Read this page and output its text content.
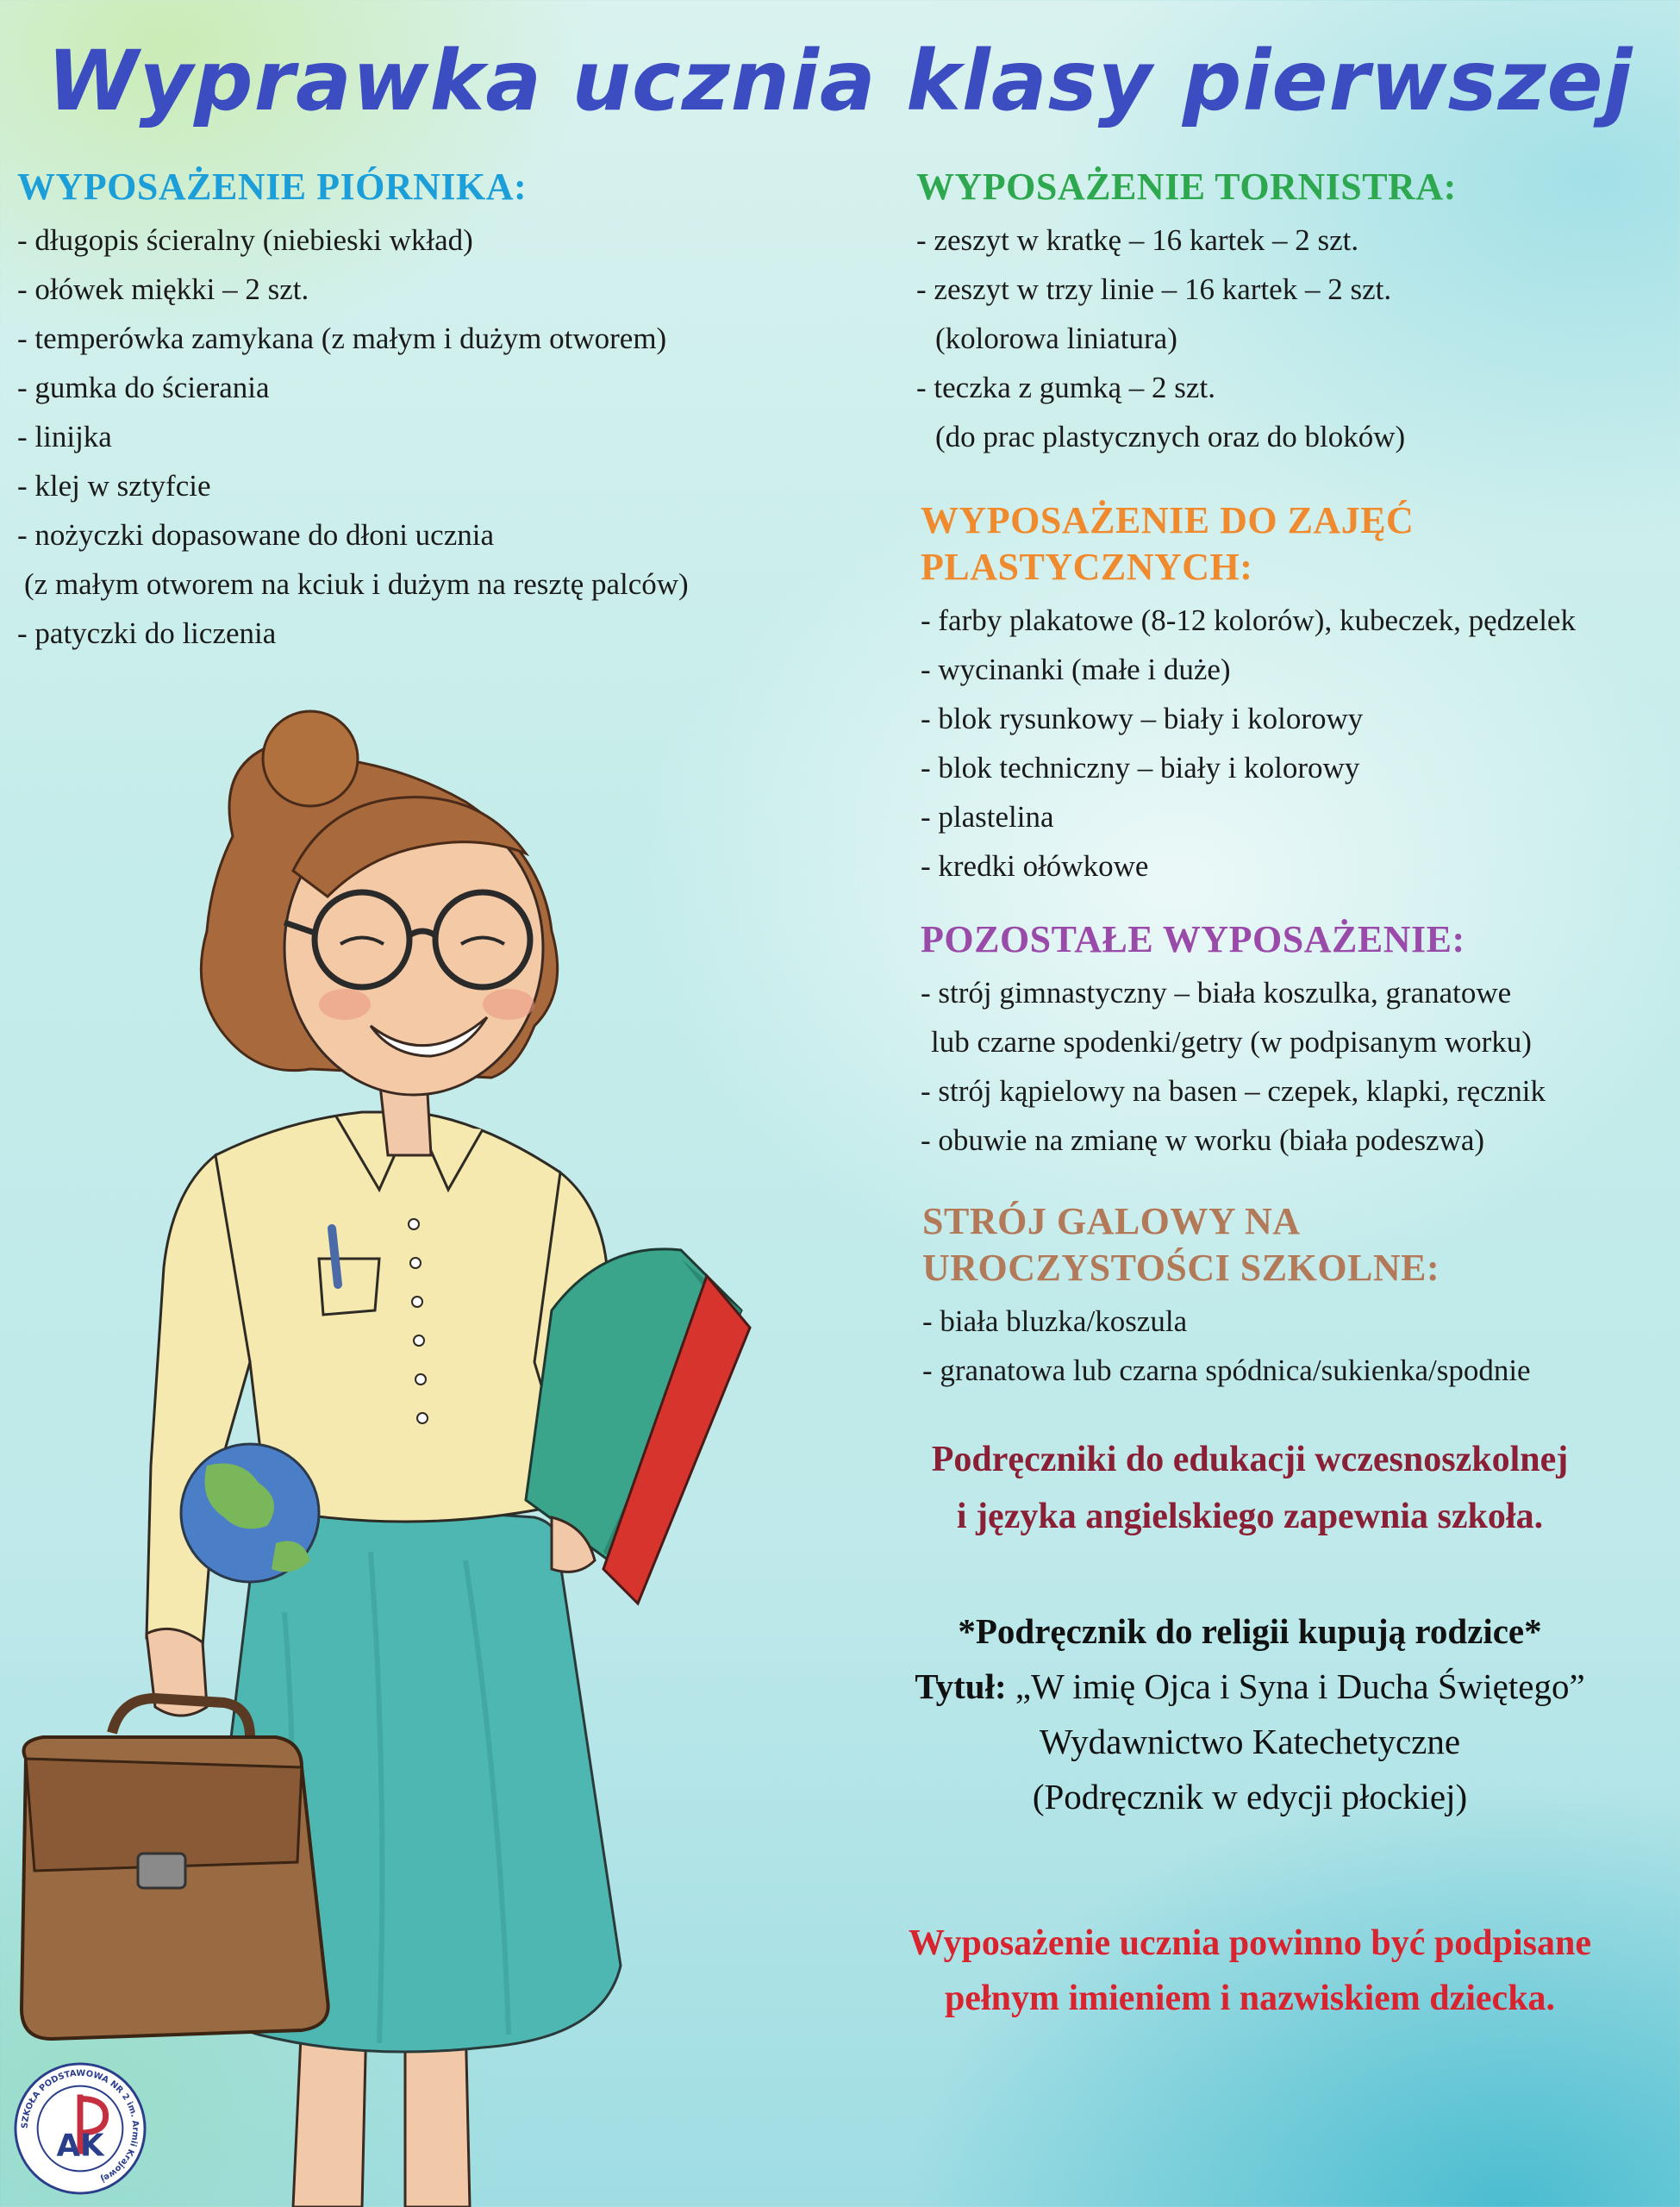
Wyprawka ucznia klasy pierwszej
WYPOSAŻENIE PIÓRNIKA:
- długopis ścieralny (niebieski wkład)
- ołówek miękki – 2 szt.
- temperówka zamykana (z małym i dużym otworem)
- gumka do ścierania
- linijka
- klej w sztyfcie
- nożyczki dopasowane do dłoni ucznia
(z małym otworem na kciuk i dużym na resztę palców)
- patyczki do liczenia
WYPOSAŻENIE TORNISTRA:
- zeszyt w kratkę – 16 kartek – 2 szt.
- zeszyt w trzy linie – 16 kartek – 2 szt.
(kolorowa liniatura)
- teczka z gumką – 2 szt.
(do prac plastycznych oraz do bloków)
WYPOSAŻENIE DO ZAJĘĆ
PLASTYCZNYCH:
- farby plakatowe (8-12 kolorów), kubeczek, pędzelek
- wycinanki (małe i duże)
- blok rysunkowy – biały i kolorowy
- blok techniczny – biały i kolorowy
- plastelina
- kredki ołówkowe
POZOSTAŁE WYPOSAŻENIE:
- strój gimnastyczny – biała koszulka, granatowe
lub czarne spodenki/getry (w podpisanym worku)
- strój kąpielowy na basen – czepek, klapki, ręcznik
- obuwie na zmianę w worku (biała podeszwa)
STRÓJ GALOWY NA
UROCZYSTOŚCI SZKOLNE:
- biała bluzka/koszula
- granatowa lub czarna spódnica/sukienka/spodnie

Podręczniki do edukacji wczesnoszkolnej

i języka angielskiego zapewnia szkoła.

*Podręcznik do religii kupują rodzice*

Tytuł: „W imię Ojca i Syna i Ducha Świętego”

Wydawnictwo Katechetyczne

(Podręcznik w edycji płockiej)

Wyposażenie ucznia powinno być podpisane

pełnym imieniem i nazwiskiem dziecka.

SZKOŁA PODSTAWOWA NR 2 im. Armii Krajowej
AK
